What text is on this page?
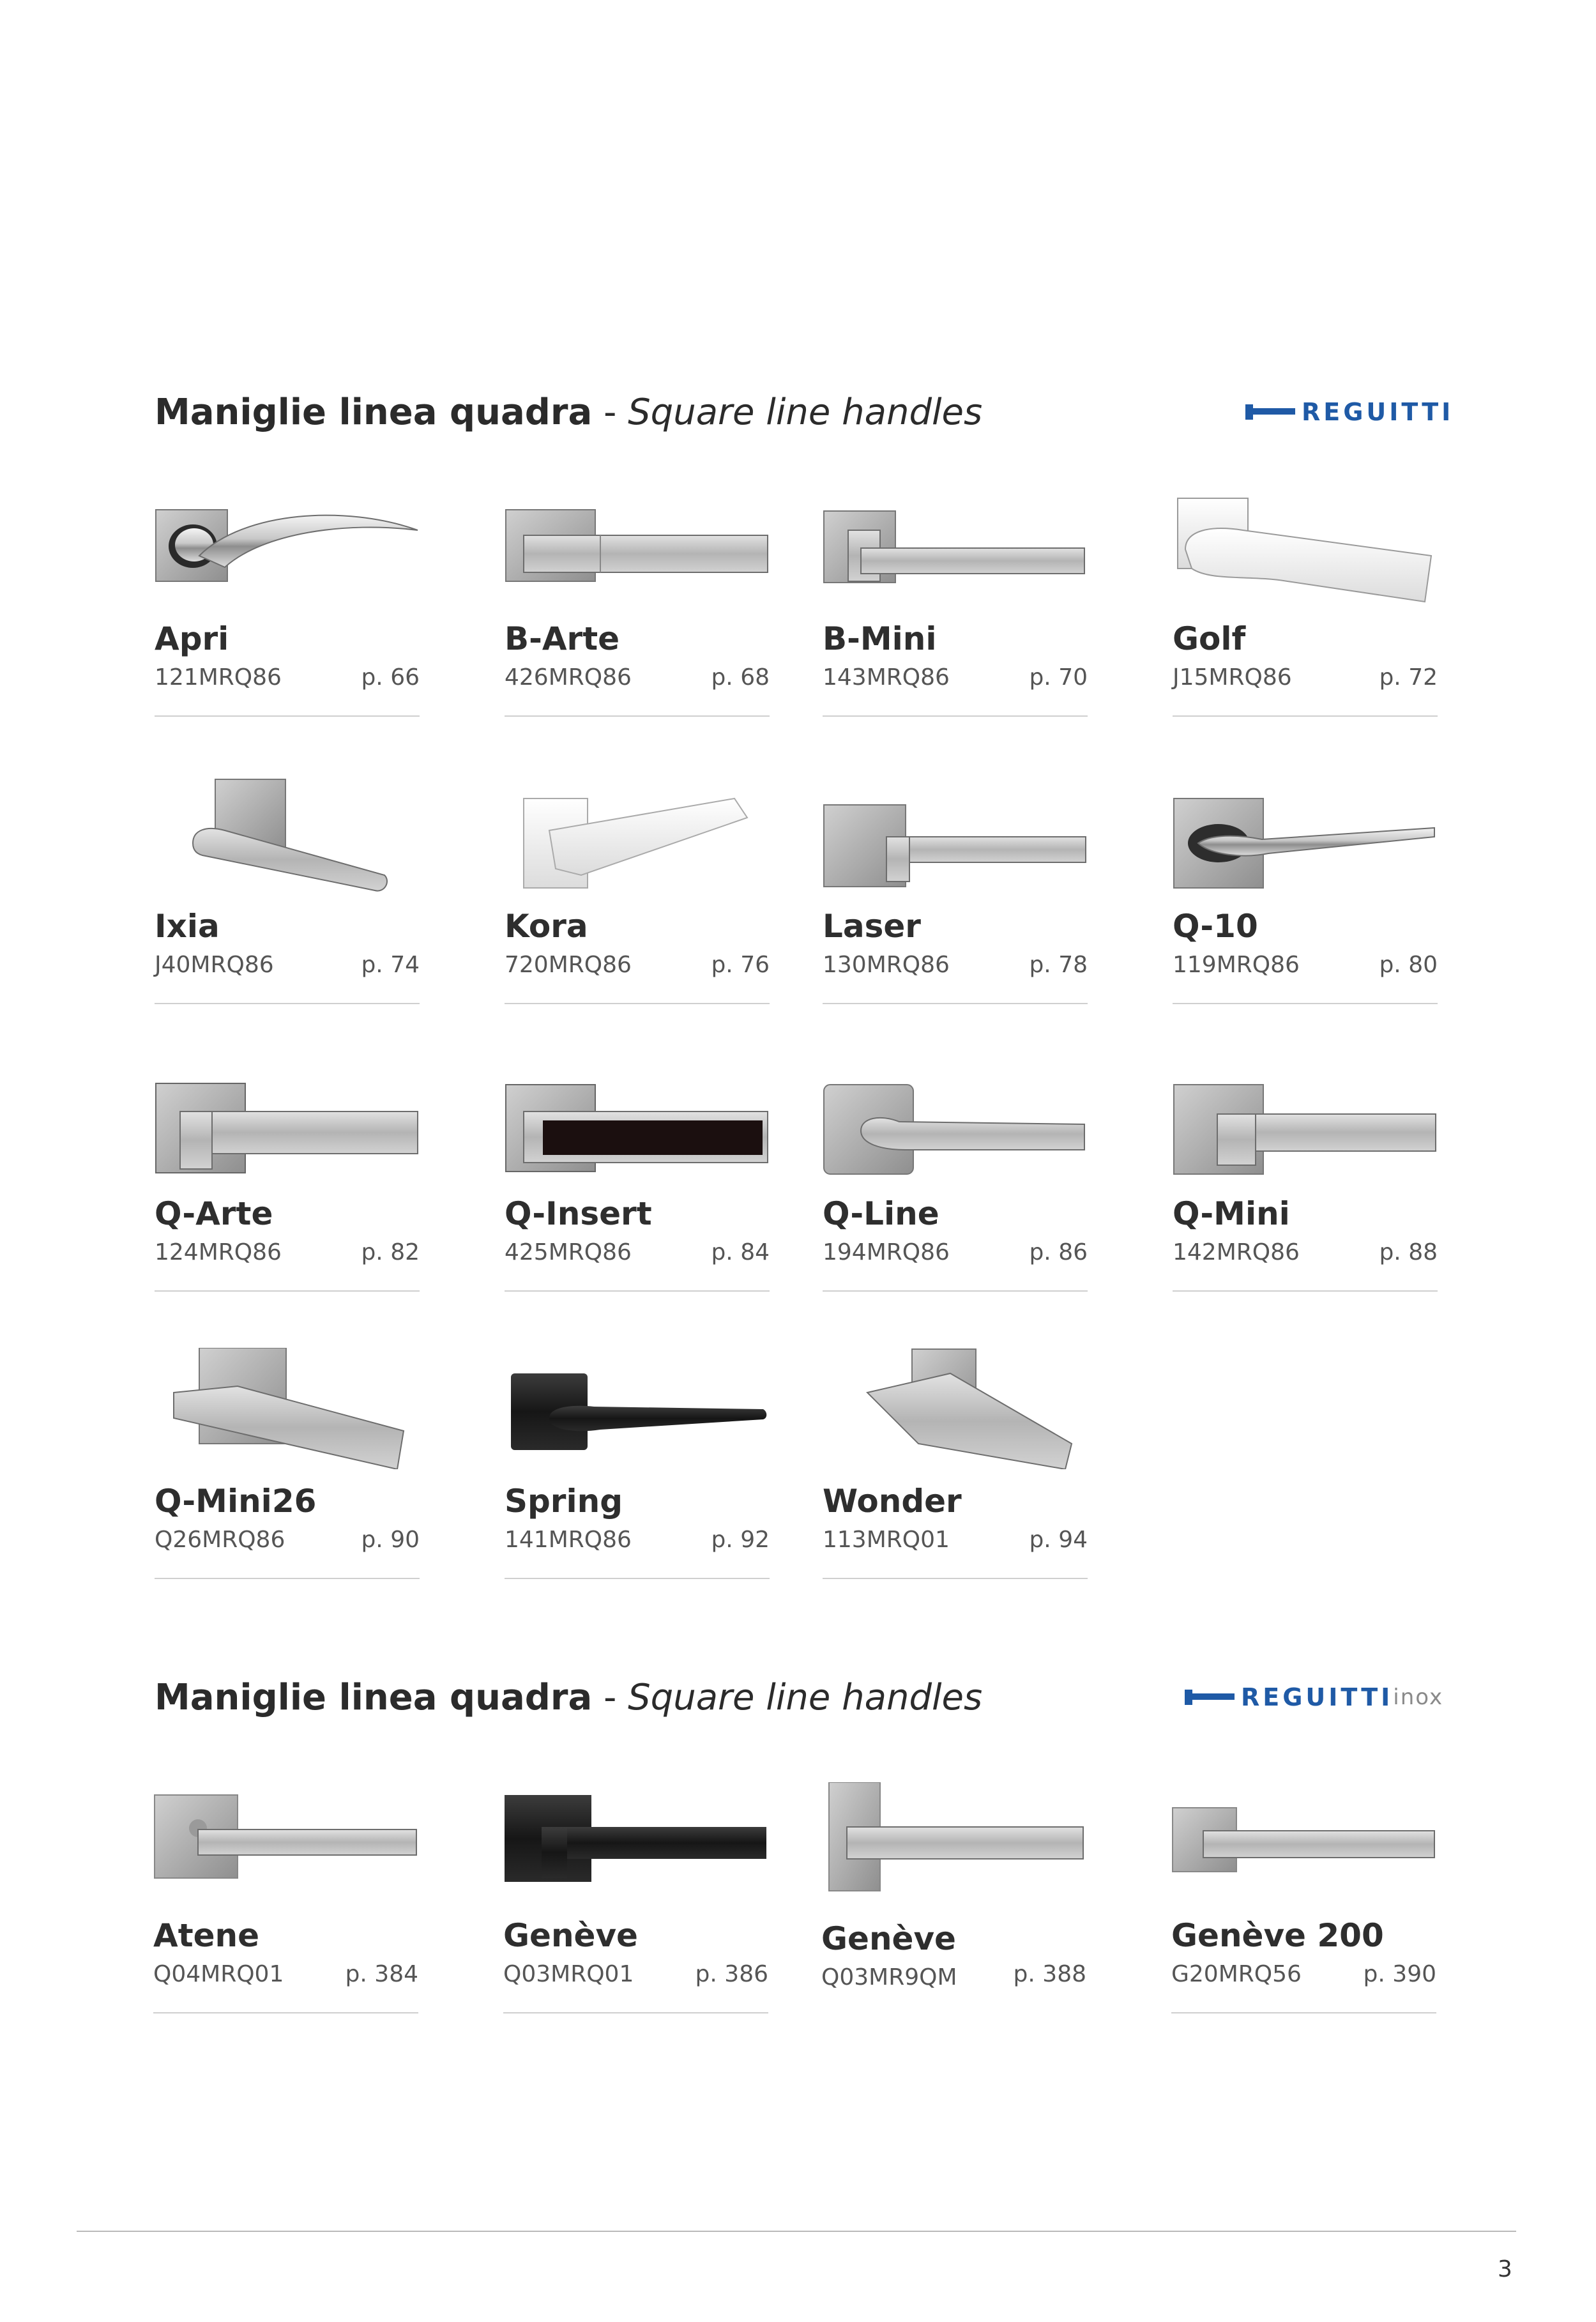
Maniglie linea quadra - Square line handles	REGUITTI
Apri
121MRQ86	p. 66
B-Arte
426MRQ86	p. 68
B-Mini
143MRQ86	p. 70
Golf
J15MRQ86	p. 72
Ixia
J40MRQ86	p. 74
Kora
720MRQ86	p. 76
Laser
130MRQ86	p. 78
Q-10
119MRQ86	p. 80
Q-Arte
124MRQ86	p. 82
Q-Insert
425MRQ86	p. 84
Q-Line
194MRQ86	p. 86
Q-Mini
142MRQ86	p. 88
Q-Mini26
Q26MRQ86	p. 90
Spring
141MRQ86	p. 92
Wonder
113MRQ01	p. 94
Maniglie linea quadra - Square line handles	REGUITTI inox
Atene
Q04MRQ01	p. 384
Genève
Q03MRQ01	p. 386
Genève
Q03MR9QM p. 388
Genève 200
G20MRQ56	p. 390
3
